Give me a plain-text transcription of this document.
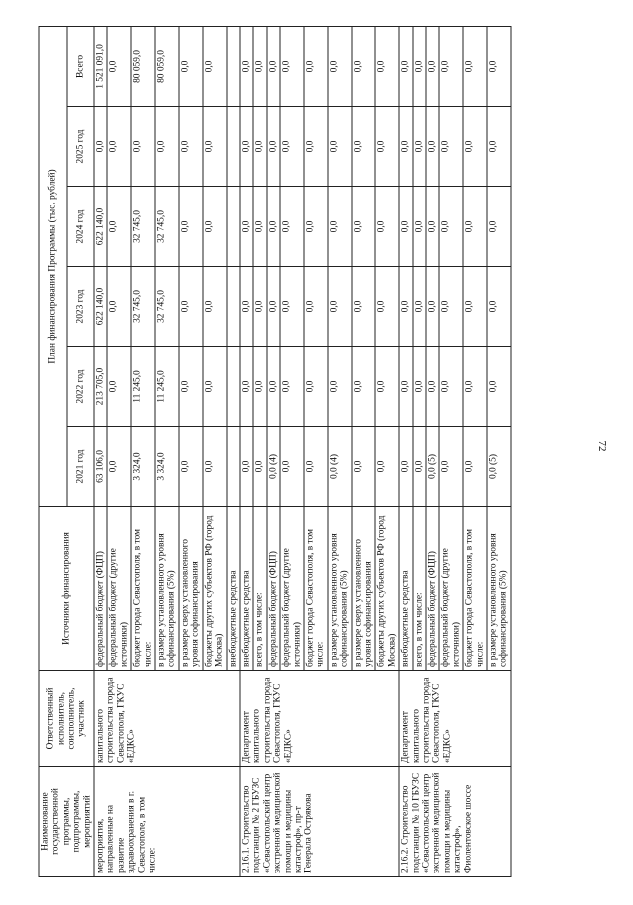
72
Наименование государственной программы, подпрограммы, мероприятий	Ответственный исполнитель, соисполнитель, участник	Источники финансирования	План финансирования Программы (тыс. рублей)					
			2021 год	2022 год	2023 год	2024 год	2025 год	Всего
мероприятия, направленные на развитие здравоохранения в г. Севастополе, в том числе:	капитального строительства города Севастополя, ГКУС «ЕДКС»	федеральный бюджет (ФЦП)	63 106,0	213 705,0	622 140,0	622 140,0	0,0	1 521 091,0
		федеральный бюджет (другие источники)	0,0	0,0	0,0	0,0	0,0	0,0
		бюджет города Севастополя, в том числе:	3 324,0	11 245,0	32 745,0	32 745,0	0,0	80 059,0
		в размере установленного уровня софинансирования (5%)	3 324,0	11 245,0	32 745,0	32 745,0	0,0	80 059,0
		в размере сверх установленного уровня софинансирования	0,0	0,0	0,0	0,0	0,0	0,0
		бюджеты других субъектов РФ (город Москва)	0,0	0,0	0,0	0,0	0,0	0,0
		внебюджетные средства						
2.16.1. Строительство подстанции № 2 ГБУЗС «Севастопольский центр экстренной медицинской помощи и медицины катастроф», пр-т Генерала Острякова	Департамент капитального строительства города Севастополя, ГКУС «ЕДКС»	внебюджетные средства	0,0	0,0	0,0	0,0	0,0	0,0
		всего, в том числе:	0,0	0,0	0,0	0,0	0,0	0,0
		федеральный бюджет (ФЦП)	0,0 (4)	0,0	0,0	0,0	0,0	0,0
		федеральный бюджет (другие источники)	0,0	0,0	0,0	0,0	0,0	0,0
		бюджет города Севастополя, в том числе:	0,0	0,0	0,0	0,0	0,0	0,0
		в размере установленного уровня софинансирования (5%)	0,0 (4)	0,0	0,0	0,0	0,0	0,0
		в размере сверх установленного уровня софинансирования	0,0	0,0	0,0	0,0	0,0	0,0
		бюджеты других субъектов РФ (город Москва)	0,0	0,0	0,0	0,0	0,0	0,0
2.16.2. Строительство подстанции № 10 ГБУЗС «Севастопольский центр экстренной медицинской помощи и медицины катастроф», Фиолентовское шоссе	Департамент капитального строительства города Севастополя, ГКУС «ЕДКС»	внебюджетные средства	0,0	0,0	0,0	0,0	0,0	0,0
		всего, в том числе:	0,0	0,0	0,0	0,0	0,0	0,0
		федеральный бюджет (ФЦП)	0,0 (5)	0,0	0,0	0,0	0,0	0,0
		федеральный бюджет (другие источники)	0,0	0,0	0,0	0,0	0,0	0,0
		бюджет города Севастополя, в том числе:	0,0	0,0	0,0	0,0	0,0	0,0
		в размере установленного уровня софинансирования (5%)	0,0 (5)	0,0	0,0	0,0	0,0	0,0
